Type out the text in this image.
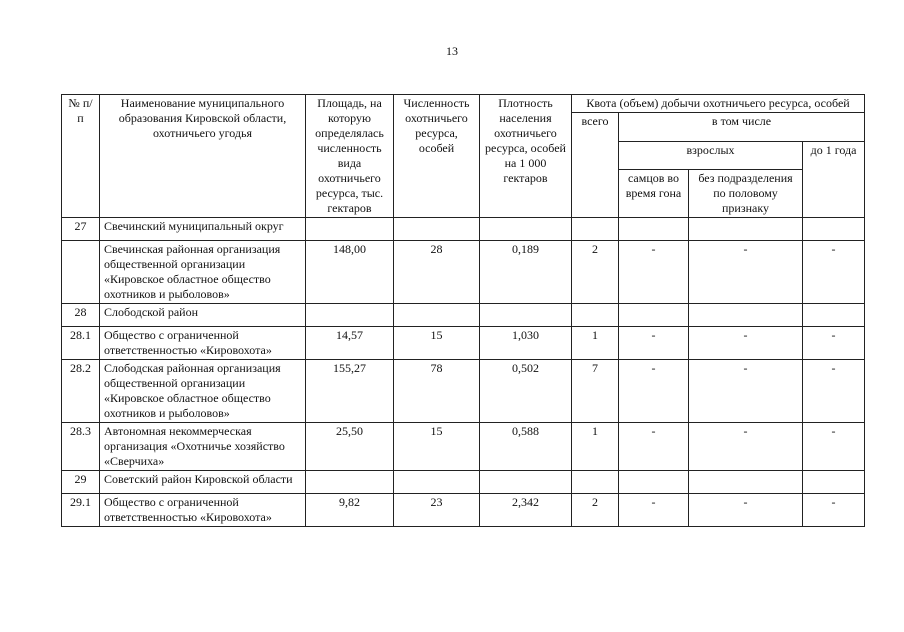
13
№ п/п	Наименование муниципального образования Кировской области, охотничьего угодья	Площадь, на которую определялась численность вида охотничьего ресурса, тыс. гектаров	Численность охотничьего ресурса, особей	Плотность населения охотничьего ресурса, особей на 1 000 гектаров	Квота (объем) добычи охотничьего ресурса, особей			
					всего	в том числе		
						взрослых		до 1 года
						самцов во время гона	без подразделения по половому признаку	
27	Свечинский муниципальный округ							
	Свечинская районная организация общественной организации «Кировское областное общество охотников и рыболовов»	148,00	28	0,189	2	-	-	-
28	Слободской район							
28.1	Общество с ограниченной ответственностью «Кировохота»	14,57	15	1,030	1	-	-	-
28.2	Слободская районная организация общественной организации «Кировское областное общество охотников и рыболовов»	155,27	78	0,502	7	-	-	-
28.3	Автономная некоммерческая организация «Охотничье хозяйство «Сверчиха»	25,50	15	0,588	1	-	-	-
29	Советский район Кировской области							
29.1	Общество с ограниченной ответственностью «Кировохота»	9,82	23	2,342	2	-	-	-
